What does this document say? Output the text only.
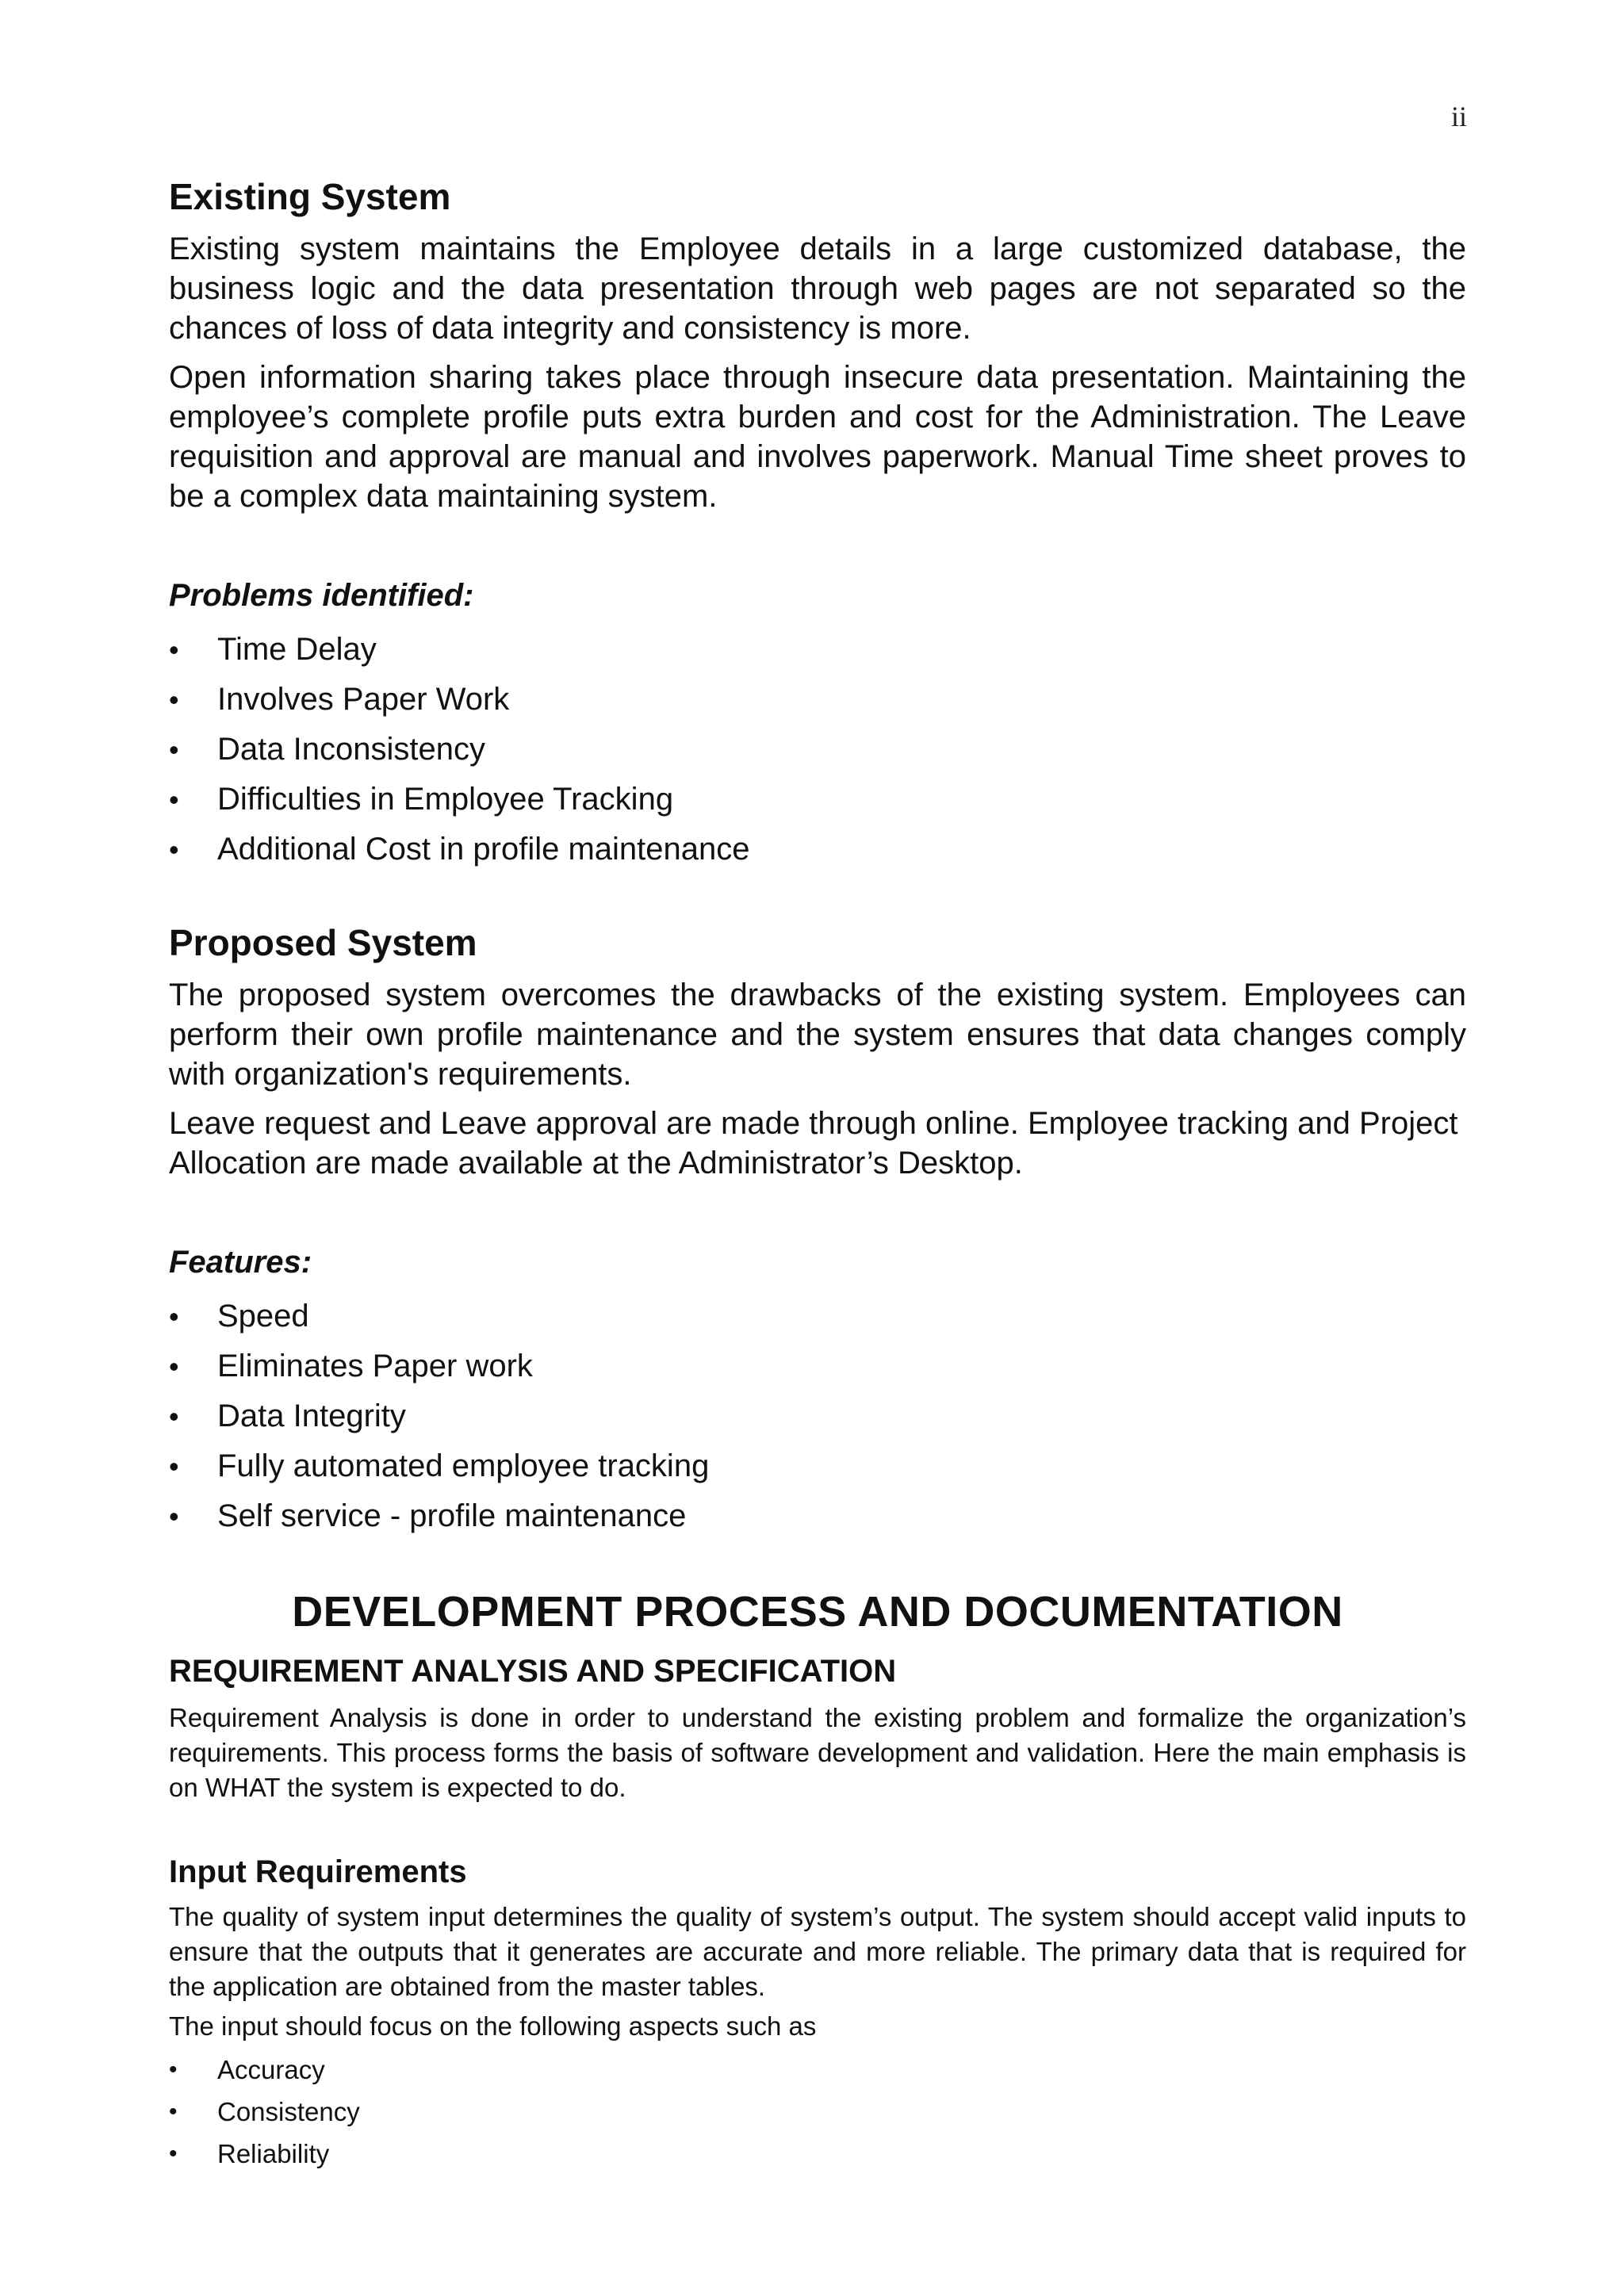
ii
Existing System

Existing system maintains the Employee details in a large customized database, the business logic and the data presentation through web pages are not separated so the chances of loss of data integrity and consistency is more.

Open information sharing takes place through insecure data presentation. Maintaining the employee’s complete profile puts extra burden and cost for the Administration. The Leave requisition and approval are manual and involves paperwork. Manual Time sheet proves to be a complex data maintaining system.

Problems identified:
• Time Delay
• Involves Paper Work
• Data Inconsistency
• Difficulties in Employee Tracking
• Additional Cost in profile maintenance
Proposed System

The proposed system overcomes the drawbacks of the existing system. Employees can perform their own profile maintenance and the system ensures that data changes comply with organization's requirements.

Leave request and Leave approval are made through online. Employee tracking and Project Allocation are made available at the Administrator’s Desktop.

Features:
• Speed
• Eliminates Paper work
• Data Integrity
• Fully automated employee tracking
• Self service - profile maintenance
DEVELOPMENT PROCESS AND DOCUMENTATION
REQUIREMENT ANALYSIS AND SPECIFICATION

Requirement Analysis is done in order to understand the existing problem and formalize the organization’s requirements. This process forms the basis of software development and validation. Here the main emphasis is on WHAT the system is expected to do.

Input Requirements

The quality of system input determines the quality of system’s output. The system should accept valid inputs to ensure that the outputs that it generates are accurate and more reliable. The primary data that is required for the application are obtained from the master tables.

The input should focus on the following aspects such as

• Accuracy
• Consistency
• Reliability
